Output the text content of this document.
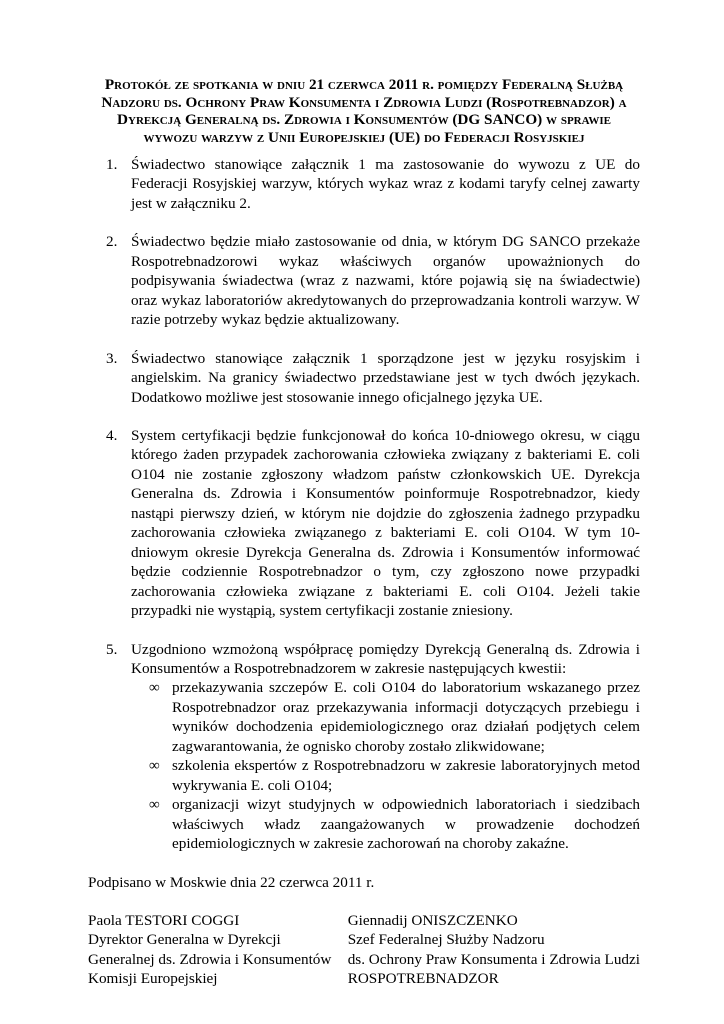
Protokół ze spotkania w dniu 21 czerwca 2011 r. pomiędzy Federalną Służbą
Nadzoru ds. Ochrony Praw Konsumenta i Zdrowia Ludzi (Rospotrebnadzor) a
Dyrekcją Generalną ds. Zdrowia i Konsumentów (DG SANCO) w sprawie
wywozu warzyw z Unii Europejskiej (UE) do Federacji Rosyjskiej
1. Świadectwo stanowiące załącznik 1 ma zastosowanie do wywozu z UE do Federacji Rosyjskiej warzyw, których wykaz wraz z kodami taryfy celnej zawarty jest w załączniku 2.
2. Świadectwo będzie miało zastosowanie od dnia, w którym DG SANCO przekaże Rospotrebnadzorowi wykaz właściwych organów upoważnionych do podpisywania świadectwa (wraz z nazwami, które pojawią się na świadectwie) oraz wykaz laboratoriów akredytowanych do przeprowadzania kontroli warzyw. W razie potrzeby wykaz będzie aktualizowany.
3. Świadectwo stanowiące załącznik 1 sporządzone jest w języku rosyjskim i angielskim. Na granicy świadectwo przedstawiane jest w tych dwóch językach. Dodatkowo możliwe jest stosowanie innego oficjalnego języka UE.
4. System certyfikacji będzie funkcjonował do końca 10-dniowego okresu, w ciągu którego żaden przypadek zachorowania człowieka związany z bakteriami E. coli O104 nie zostanie zgłoszony władzom państw członkowskich UE. Dyrekcja Generalna ds. Zdrowia i Konsumentów poinformuje Rospotrebnadzor, kiedy nastąpi pierwszy dzień, w którym nie dojdzie do zgłoszenia żadnego przypadku zachorowania człowieka związanego z bakteriami E. coli O104. W tym 10-dniowym okresie Dyrekcja Generalna ds. Zdrowia i Konsumentów informować będzie codziennie Rospotrebnadzor o tym, czy zgłoszono nowe przypadki zachorowania człowieka związane z bakteriami E. coli O104. Jeżeli takie przypadki nie wystąpią, system certyfikacji zostanie zniesiony.
5. Uzgodniono wzmożoną współpracę pomiędzy Dyrekcją Generalną ds. Zdrowia i Konsumentów a Rospotrebnadzorem w zakresie następujących kwestii:
∞ przekazywania szczepów E. coli O104 do laboratorium wskazanego przez Rospotrebnadzor oraz przekazywania informacji dotyczących przebiegu i wyników dochodzenia epidemiologicznego oraz działań podjętych celem zagwarantowania, że ognisko choroby zostało zlikwidowane;
∞ szkolenia ekspertów z Rospotrebnadzoru w zakresie laboratoryjnych metod wykrywania E. coli O104;
∞ organizacji wizyt studyjnych w odpowiednich laboratoriach i siedzibach właściwych władz zaangażowanych w prowadzenie dochodzeń epidemiologicznych w zakresie zachorowań na choroby zakaźne.

Podpisano w Moskwie dnia 22 czerwca 2011 r.

Paola TESTORI COGGI
Dyrektor Generalna w Dyrekcji
Generalnej ds. Zdrowia i Konsumentów
Komisji Europejskiej
Giennadij ONISZCZENKO
Szef Federalnej Służby Nadzoru
ds. Ochrony Praw Konsumenta i Zdrowia Ludzi
ROSPOTREBNADZOR
